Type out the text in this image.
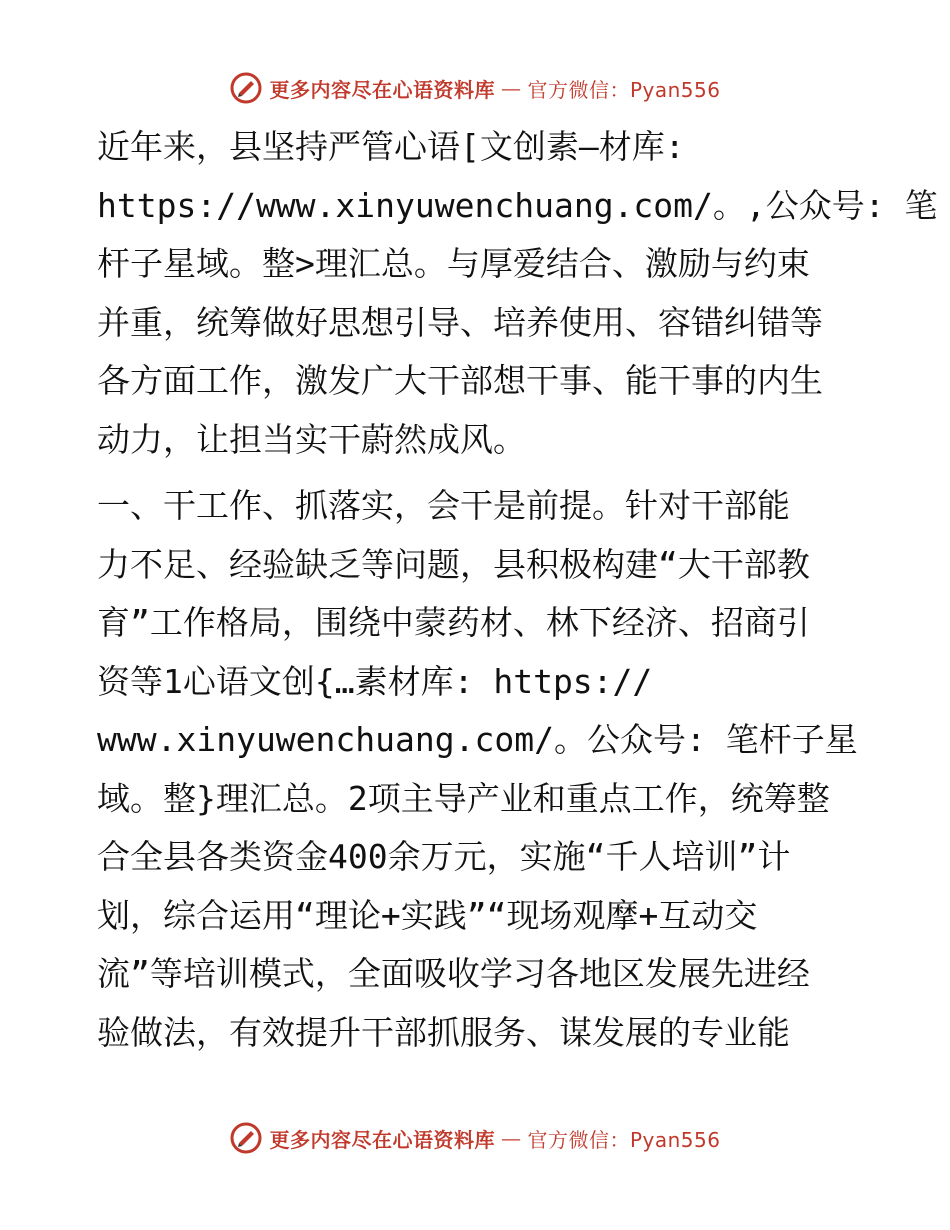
更多内容尽在心语资料库 — 官方微信：Pyan556

近年来，县坚持严管心语[文创素—材库:
https://www.xinyuwenchuang.com/。,公众号: 笔
杆子星域。整>理汇总。与厚爱结合、激励与约束
并重，统筹做好思想引导、培养使用、容错纠错等
各方面工作，激发广大干部想干事、能干事的内生
动力，让担当实干蔚然成风。

一、干工作、抓落实，会干是前提。针对干部能
力不足、经验缺乏等问题，县积极构建“大干部教
育”工作格局，围绕中蒙药材、林下经济、招商引
资等1心语文创{…素材库: https://
www.xinyuwenchuang.com/。公众号: 笔杆子星
域。整}理汇总。2项主导产业和重点工作，统筹整
合全县各类资金400余万元，实施“千人培训”计
划，综合运用“理论+实践”“现场观摩+互动交
流”等培训模式，全面吸收学习各地区发展先进经
验做法，有效提升干部抓服务、谋发展的专业能

更多内容尽在心语资料库 — 官方微信：Pyan556
